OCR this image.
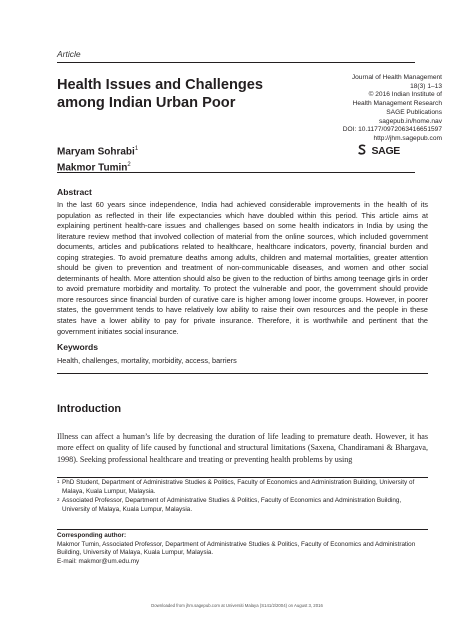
Article
Health Issues and Challenges among Indian Urban Poor
Journal of Health Management
18(3) 1–13
© 2016 Indian Institute of
Health Management Research
SAGE Publications
sagepub.in/home.nav
DOI: 10.1177/0972063416651597
http://jhm.sagepub.com
SAGE
Maryam Sohrabi$^1$
Makmor Tumin$^2$
Abstract
In the last 60 years since independence, India had achieved considerable improvements in the health of its population as reflected in their life expectancies which have doubled within this period. This article aims at explaining pertinent health-care issues and challenges based on some health indicators in India by using the literature review method that involved collection of material from the online sources, which included government documents, articles and publications related to healthcare, healthcare indicators, poverty, financial burden and coping strategies. To avoid premature deaths among adults, children and maternal mortalities, greater attention should be given to prevention and treatment of non-communicable diseases, and women and other social determinants of health. More attention should also be given to the reduction of births among teenage girls in order to avoid premature morbidity and mortality. To protect the vulnerable and poor, the government should provide more resources since financial burden of curative care is higher among lower income groups. However, in poorer states, the government tends to have relatively low ability to raise their own resources and the people in these states have a lower ability to pay for private insurance. Therefore, it is worthwhile and pertinent that the government initiates social insurance.
Keywords
Health, challenges, mortality, morbidity, access, barriers
Introduction
Illness can affect a human’s life by decreasing the duration of life leading to premature death. However, it has more effect on quality of life caused by functional and structural limitations (Saxena, Chandiramani & Bhargava, 1998). Seeking professional healthcare and treating or preventing health problems by using
1 PhD Student, Department of Administrative Studies & Politics, Faculty of Economics and Administration Building, University of Malaya, Kuala Lumpur, Malaysia.
2 Associated Professor, Department of Administrative Studies & Politics, Faculty of Economics and Administration Building, University of Malaya, Kuala Lumpur, Malaysia.
Corresponding author:
Makmor Tumin, Associated Professor, Department of Administrative Studies & Politics, Faculty of Economics and Administration Building, University of Malaya, Kuala Lumpur, Malaysia.
E-mail: makmor@um.edu.my
Downloaded from jhm.sagepub.com at Universiti Malaya (S141/2/2004) on August 3, 2016
